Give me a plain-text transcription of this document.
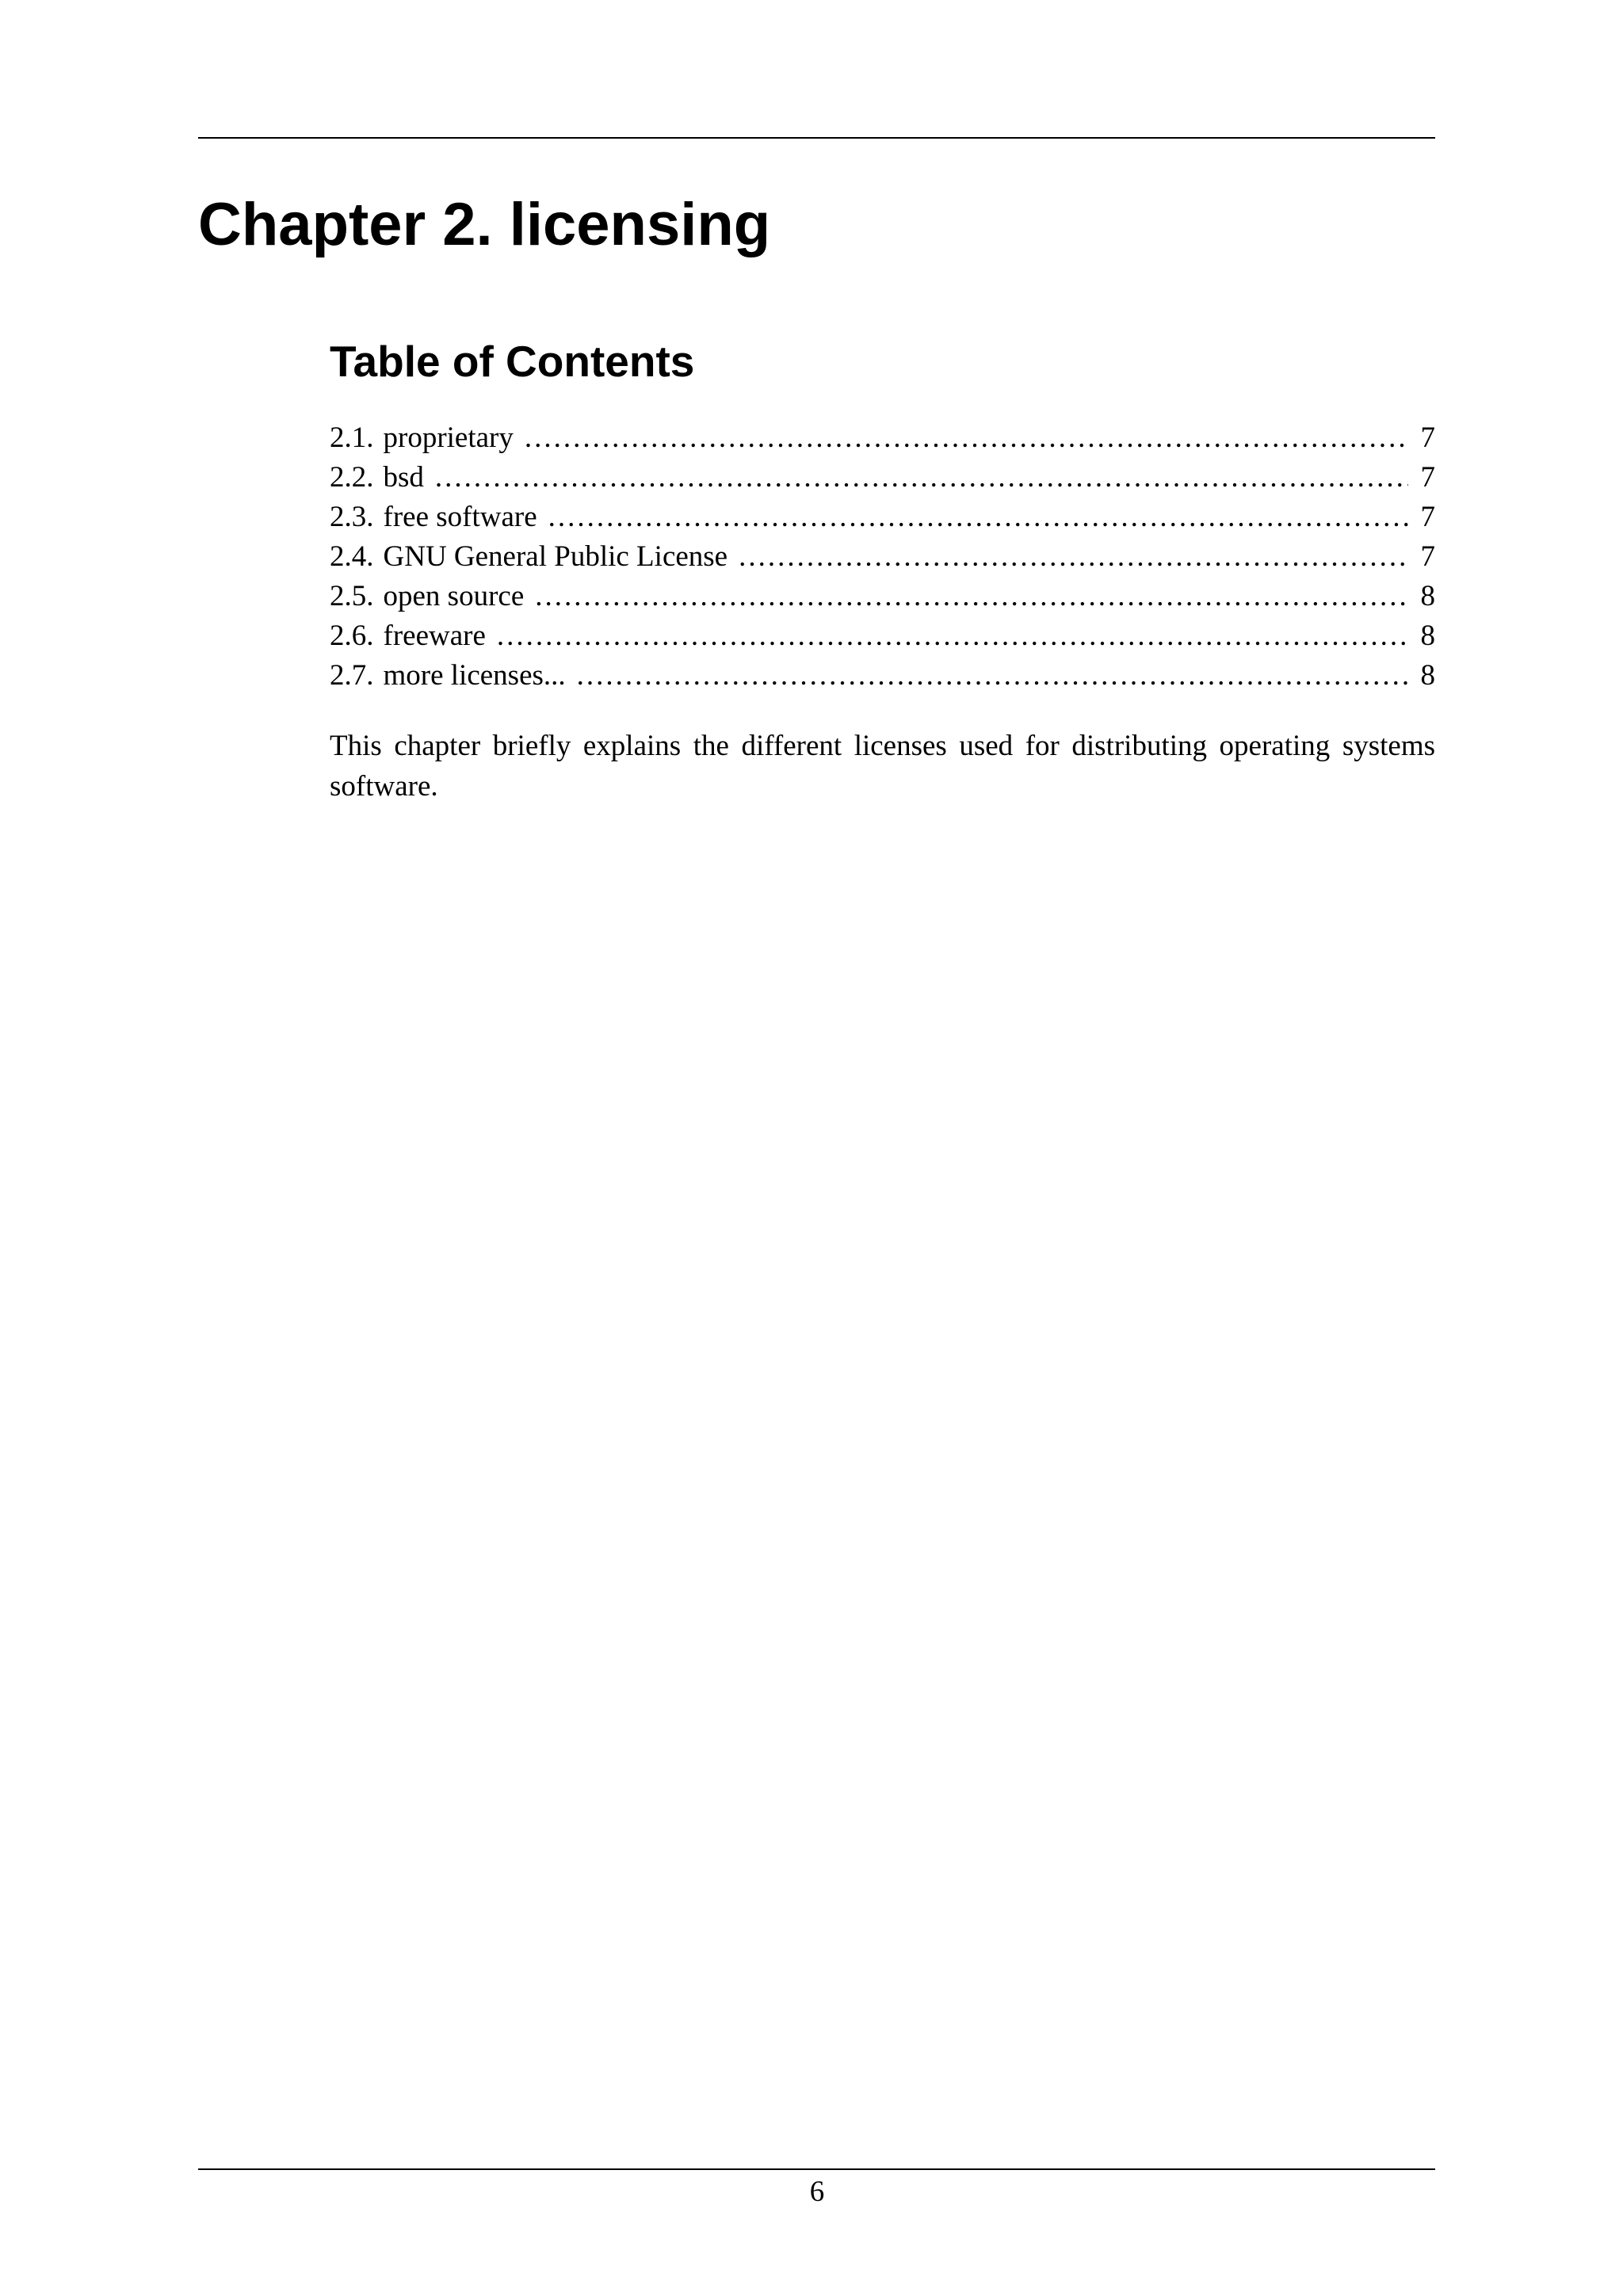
Chapter 2. licensing
Table of Contents
2.1. proprietary .....	7
2.2. bsd .....	7
2.3. free software .....	7
2.4. GNU General Public License .....	7
2.5. open source .....	8
2.6. freeware .....	8
2.7. more licenses... .....	8

This chapter briefly explains the different licenses used for distributing operating systems software.

6
